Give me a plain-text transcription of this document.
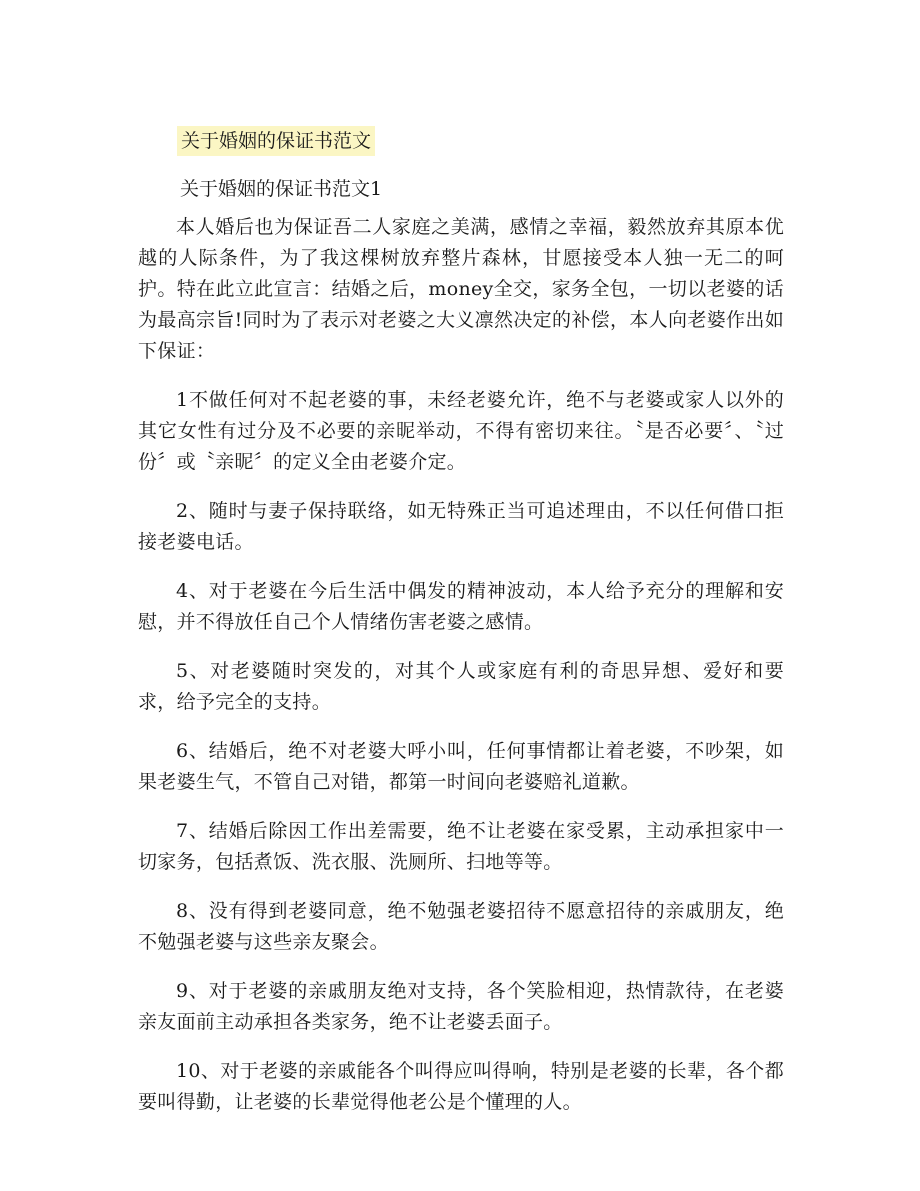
关于婚姻的保证书范文
关于婚姻的保证书范文1

本人婚后也为保证吾二人家庭之美满，感情之幸福，毅然放弃其原本优越的人际条件，为了我这棵树放弃整片森林，甘愿接受本人独一无二的呵护。特在此立此宣言：结婚之后，money全交，家务全包，一切以老婆的话为最高宗旨!同时为了表示对老婆之大义凛然决定的补偿，本人向老婆作出如下保证：

1不做任何对不起老婆的事，未经老婆允许，绝不与老婆或家人以外的其它女性有过分及不必要的亲昵举动，不得有密切来往。〝是否必要〞、〝过份〞或〝亲昵〞的定义全由老婆介定。

2、随时与妻子保持联络，如无特殊正当可追述理由，不以任何借口拒接老婆电话。

4、对于老婆在今后生活中偶发的精神波动，本人给予充分的理解和安慰，并不得放任自己个人情绪伤害老婆之感情。

5、对老婆随时突发的，对其个人或家庭有利的奇思异想、爱好和要求，给予完全的支持。

6、结婚后，绝不对老婆大呼小叫，任何事情都让着老婆，不吵架，如果老婆生气，不管自己对错，都第一时间向老婆赔礼道歉。

7、结婚后除因工作出差需要，绝不让老婆在家受累，主动承担家中一切家务，包括煮饭、洗衣服、洗厕所、扫地等等。

8、没有得到老婆同意，绝不勉强老婆招待不愿意招待的亲戚朋友，绝不勉强老婆与这些亲友聚会。

9、对于老婆的亲戚朋友绝对支持，各个笑脸相迎，热情款待，在老婆亲友面前主动承担各类家务，绝不让老婆丢面子。

10、对于老婆的亲戚能各个叫得应叫得响，特别是老婆的长辈，各个都要叫得勤，让老婆的长辈觉得他老公是个懂理的人。
